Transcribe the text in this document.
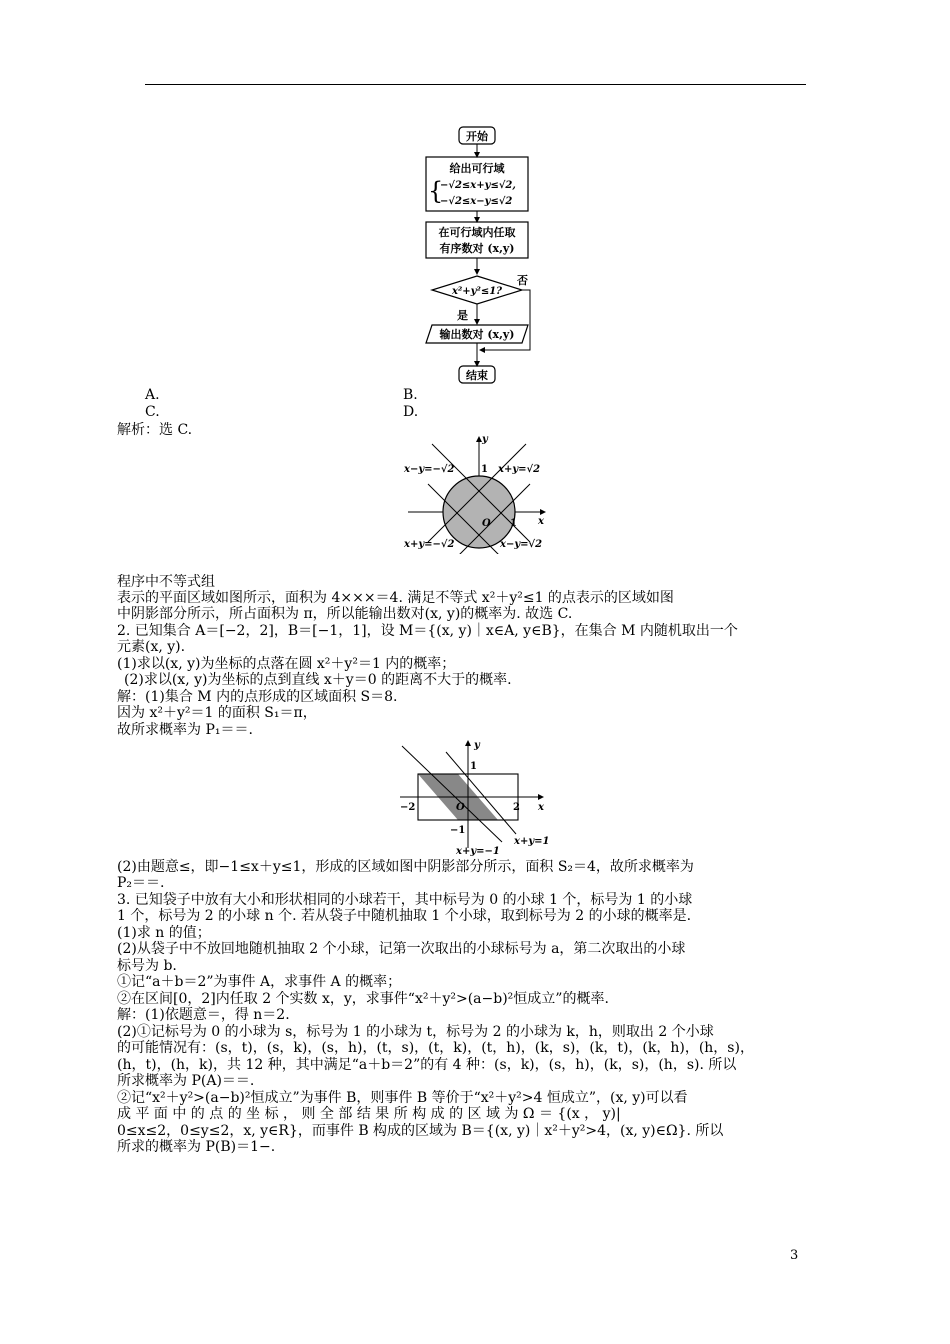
开始
给出可行域
{
−√2≤x+y≤√2,
−√2≤x−y≤√2
在可行域内任取
有序数对 (x,y)
x²+y²≤1?
否
是
输出数对 (x,y)
结束
A.	B.
C.	D.
解析：选 C.
x−y=−√2	x+y=√2
x+y=−√2	x−y=√2
x
y
O
1
1
程序中不等式组
表示的平面区域如图所示，面积为 4×××＝4. 满足不等式 x²＋y²≤1 的点表示的区域如图
中阴影部分所示，所占面积为 π，所以能输出数对(x, y)的概率为. 故选 C.
2. 已知集合 A＝[−2，2]，B＝[−1，1]，设 M＝{(x, y)｜x∈A, y∈B}，在集合 M 内随机取出一个
元素(x, y).
(1)求以(x, y)为坐标的点落在圆 x²＋y²＝1 内的概率；
(2)求以(x, y)为坐标的点到直线 x＋y＝0 的距离不大于的概率.
解：(1)集合 M 内的点形成的区域面积 S＝8.
因为 x²＋y²＝1 的面积 S₁＝π，
故所求概率为 P₁＝＝.
x
y
O
−2	2
1
−1
x+y=1
x+y=−1
(2)由题意≤，即−1≤x＋y≤1，形成的区域如图中阴影部分所示，面积 S₂＝4，故所求概率为
P₂＝＝.
3. 已知袋子中放有大小和形状相同的小球若干，其中标号为 0 的小球 1 个，标号为 1 的小球
1 个，标号为 2 的小球 n 个. 若从袋子中随机抽取 1 个小球，取到标号为 2 的小球的概率是.
(1)求 n 的值；
(2)从袋子中不放回地随机抽取 2 个小球，记第一次取出的小球标号为 a，第二次取出的小球
标号为 b.
①记“a＋b＝2”为事件 A，求事件 A 的概率；
②在区间[0，2]内任取 2 个实数 x，y，求事件“x²＋y²>(a−b)²恒成立”的概率.
解：(1)依题意＝，得 n＝2.
(2)①记标号为 0 的小球为 s，标号为 1 的小球为 t，标号为 2 的小球为 k，h，则取出 2 个小球
的可能情况有：(s，t)，(s，k)，(s，h)，(t，s)，(t，k)，(t，h)，(k，s)，(k，t)，(k，h)，(h，s)，
(h，t)，(h，k)，共 12 种，其中满足“a＋b＝2”的有 4 种：(s，k)，(s，h)，(k，s)，(h，s). 所以
所求概率为 P(A)＝＝.
②记“x²＋y²>(a−b)²恒成立”为事件 B，则事件 B 等价于“x²＋y²>4 恒成立”，(x, y)可以看
成 平 面 中 的 点 的 坐 标 ， 则 全 部 结 果 所 构 成 的 区 域 为 Ω ＝ {(x ， y)|
0≤x≤2，0≤y≤2，x, y∈R}，而事件 B 构成的区域为 B＝{(x, y)｜x²＋y²>4，(x, y)∈Ω}. 所以
所求的概率为 P(B)＝1−.
3
